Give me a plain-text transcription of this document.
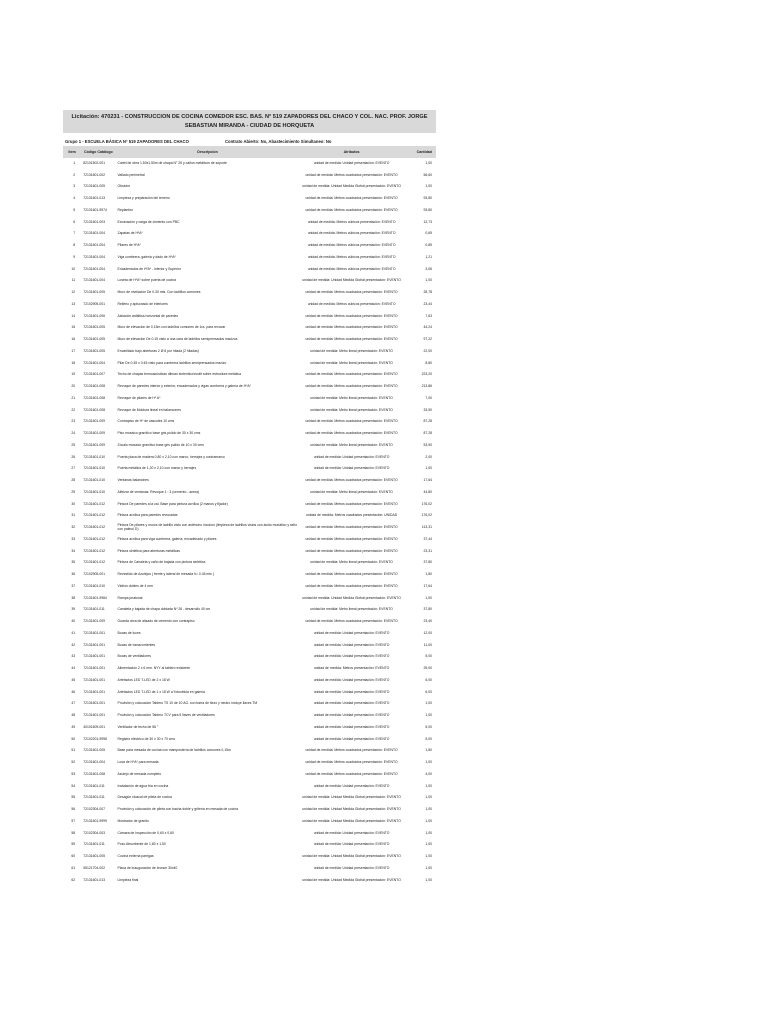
Licitación: 470231 - CONSTRUCCION DE COCINA COMEDOR ESC. BAS. N° 519 ZAPADORES DEL CHACO Y COL. NAC. PROF. JORGE SEBASTIAN MIRANDA - CIUDAD DE HORQUETA
Grupo 1 - ESCUELA BÁSICA N° 519 ZAPADORES DEL CHACO	Contrato Abierto: No, Abastecimiento Simultaneo: No
Item	Código Catálogo	Descripción	Atributos	Cantidad
1	82101502-001	Cartel de obra 1,50x1,50m de chapa N° 26 y caños metálicos de soporte	unidad de medida: Unidad presentación: EVENTO	1,00
2	72131601-002	Vallado perimetral	unidad de medida: Metros cuadrados presentación: EVENTO	56,60
3	72131601-005	Obrador	unidad de medida: Unidad Medida Global presentación: EVENTO	1,00
4	72131601-013	Limpieza y preparación del terreno	unidad de medida: Metros cuadrados presentación: EVENTO	93,80
5	72131601-9974	Replanteo	unidad de medida: Metros cuadrados presentación: EVENTO	93,80
6	72131601-003	Excavación y carga de cimiento con PBC	unidad de medida: Metros cúbicos presentación: EVENTO	12,73
7	72131601-004	Zapatas de HºAº	unidad de medida: Metros cúbicos presentación: EVENTO	0,65
8	72131601-004	Pilares de HºAº	unidad de medida: Metros cúbicos presentación: EVENTO	0,85
9	72131601-004	Viga cumbrera, galería y dado de HºAº	unidad de medida: Metros cúbicos presentación: EVENTO	1,21
10	72131601-004	Encadenados de HºAº - inferior y Superior	unidad de medida: Metros cúbicos presentación: EVENTO	3,06
11	72131601-004	Loseta de HºAº sobre puerta de cocina	unidad de medida: Unidad Medida Global presentación: EVENTO	1,00
12	72131601-005	Muro de nivelación De 0.30 mts. Con ladrillos comunes	unidad de medida: Metros cuadrados presentación: EVENTO	28,78
13	72102905-001	Relleno y apisonado de interiores	unidad de medida: Metros cúbicos presentación: EVENTO	23,44
14	72131601-006	Aislación asfáltica horizontal de paredes	unidad de medida: Metros cuadrados presentación: EVENTO	7,63
15	72131601-005	Muro de elevación de 0,15m con ladrillos comunes de 1ra. para revocar	unidad de medida: Metros cuadrados presentación: EVENTO	44,24
16	72131601-005	Muro de elevación De 0.15 visto a una cara de ladrillos semiprensados macizos	unidad de medida: Metros cuadrados presentación: EVENTO	97,22
17	72131601-005	Envarillado bajo aberturas 2 Ø 8 por hilada (2 hiladas)	unidad de medida: Metro lineal presentación: EVENTO	22,00
18	72131601-004	Pilar De 0.45 x 0.45 visto para cumbrera ladrillos semiprensados macizo	unidad de medida: Metro lineal presentación: EVENTO	8,80
19	72131601-007	Techo de chapas termoacústicas dilman sintentico/ecolit sobre estructura metálica	unidad de medida: Metros cuadrados presentación: EVENTO	223,20
20	72131601-008	Revoque de paredes interior y exterior, encadenados y vigas cumbrera y galería de HºAº	unidad de medida: Metros cuadrados presentación: EVENTO	213,86
21	72131601-008	Revoque de pilares de Hº Aº	unidad de medida: Metro lineal presentación: EVENTO	7,00
22	72131601-008	Revoque de Moldura lineal en balancones	unidad de medida: Metro lineal presentación: EVENTO	33,50
23	72131601-009	Contrapiso de Hº de cascotes 10 cms	unidad de medida: Metros cuadrados presentación: EVENTO	87,28
24	72131601-009	Piso mosaico granítico base gris pulido de 30 x 30 cms	unidad de medida: Metros cuadrados presentación: EVENTO	87,28
25	72131601-009	Zócalo mosaico granítico base gris pulido de 10 x 30 cms	unidad de medida: Metro lineal presentación: EVENTO	53,90
26	72131601-010	Puerta placa de madera 0,80 x 2,10 con marco, herrajes y contramarco	unidad de medida: Unidad presentación: EVENTO	2,00
27	72131601-010	Puerta metálica de 1,20 x 2,10 con marco y herrajes	unidad de medida: Unidad presentación: EVENTO	1,00
28	72131601-010	Ventanas balancines	unidad de medida: Metros cuadrados presentación: EVENTO	17,64
29	72131601-010	Alfeizar de ventanas: Revoque 1 : 3 (cemento - arena)	unidad de medida: Metro lineal presentación: EVENTO	44,80
30	72131601-012	Pintura De paredes a la cal. Base para pintura acrílica (2 manos y fijador)	unidad de medida: Metros cuadrados presentación: EVENTO	176,02
31	72131601-012	Pintura acrílica para paredes revocadas	unidad de medida: Metros cuadrados presentación: UNIDAD	176,02
32	72131601-012	Pintura De pilares y muros de ladrillo visto con antimoho incoloro (limpieza de ladrillos vistos con ácido muriático y sello con patinol D)	unidad de medida: Metros cuadrados presentación: EVENTO	113,31
33	72131601-012	Pintura acrílica para viga cumbrera, galería, encadenado y pilares	unidad de medida: Metros cuadrados presentación: EVENTO	37,44
34	72131601-012	Pintura sintética para aberturas metálicas	unidad de medida: Metros cuadrados presentación: EVENTO	23,31
35	72131601-012	Pintura de Canaleta y caño de bajada con pintura sintética	unidad de medida: Metro lineal presentación: EVENTO	37,80
36	72102905-001	Revestido de Azulejos ( frente y lateral de mesada h= 0.45 mts )	unidad de medida: Metros cuadrados presentación: EVENTO	1,80
37	72131601-010	Vidrios dobles de 4 mm	unidad de medida: Metros cuadrados presentación: EVENTO	17,64
38	72131601-9984	Rampa peatonal	unidad de medida: Unidad Medida Global presentación: EVENTO	1,00
39	72131601-011	Canaleta y bajada de chapa doblada Nº 26 - desarrollo 40 cm	unidad de medida: Metro lineal presentación: EVENTO	37,80
40	72131601-009	Guarda obra de alisado de cemento con contrapiso	unidad de medida: Metros cuadrados presentación: EVENTO	23,40
41	72131601-001	Bocas de luces	unidad de medida: Unidad presentación: EVENTO	12,00
42	72131601-001	Bocas de tomacorrientes	unidad de medida: Unidad presentación: EVENTO	11,00
43	72131601-001	Bocas de ventiladores	unidad de medida: Unidad presentación: EVENTO	5,00
44	72131601-001	Alimentación 2 x 6 mm. NYY al tablero existente	unidad de medida: Metros presentación: EVENTO	25,00
45	72131601-001	Artefactos LED T-LED de 2 x 18 W	unidad de medida: Unidad presentación: EVENTO	6,00
46	72131601-001	Artefactos LED T-LED de 1 x 18 W c/ fotocélula en galería	unidad de medida: Unidad presentación: EVENTO	6,00
47	72131601-001	Provisión y colocación Tablero TS 10 de 10 AG. con barra de tiezo y neutro incluye llaves TM	unidad de medida: Unidad presentación: EVENTO	1,00
48	72131601-001	Provisión y colocación Tablero TCV para 5 llaves de ventiladores	unidad de medida: Unidad presentación: EVENTO	1,00
49	40101609-001	Ventilador de techo de 56 "	unidad de medida: Unidad presentación: EVENTO	5,00
50	72102201-9998	Registro eléctrico de 30 x 30 x 70 cms	unidad de medida: Unidad presentación: EVENTO	5,00
51	72131601-005	Base para mesada de cocina con mampostería de ladrillos comunes 0,15m	unidad de medida: Metros cuadrados presentación: EVENTO	1,80
52	72131601-004	Losa de HºAº para mesada	unidad de medida: Metros cuadrados presentación: EVENTO	1,00
53	72131601-008	Azulejo de mesada completo	unidad de medida: Metros cuadrados presentación: EVENTO	4,00
54	72131601-011	Instalación de agua fría en cocina	unidad de medida: Unidad presentación: EVENTO	1,00
55	72131601-011	Desagüe cloacal de pileta de cocina	unidad de medida: Unidad Medida Global presentación: EVENTO	1,00
56	72102304-007	Provisión y colocación de pileta con bacha doble y grifería en mesada de cocina	unidad de medida: Unidad Medida Global presentación: EVENTO	1,00
57	72131601-9999	Mostrador de granito	unidad de medida: Unidad Medida Global presentación: EVENTO	1,00
58	72102304-003	Cámara de Inspección de 0,60 x 0,60	unidad de medida: Unidad presentación: EVENTO	1,00
59	72131601-011	Pozo Absorbente de 1,80 x 1,50	unidad de medida: Unidad presentación: EVENTO	1,00
60	72131601-005	Cocina externa parrigas	unidad de medida: Unidad Medida Global presentación: EVENTO	1,00
61	55121704-002	Placa de inauguración de bronce 30x40	unidad de medida: Unidad presentación: EVENTO	1,00
62	72131601-013	Limpieza final	unidad de medida: Unidad Medida Global presentación: EVENTO	1,00
